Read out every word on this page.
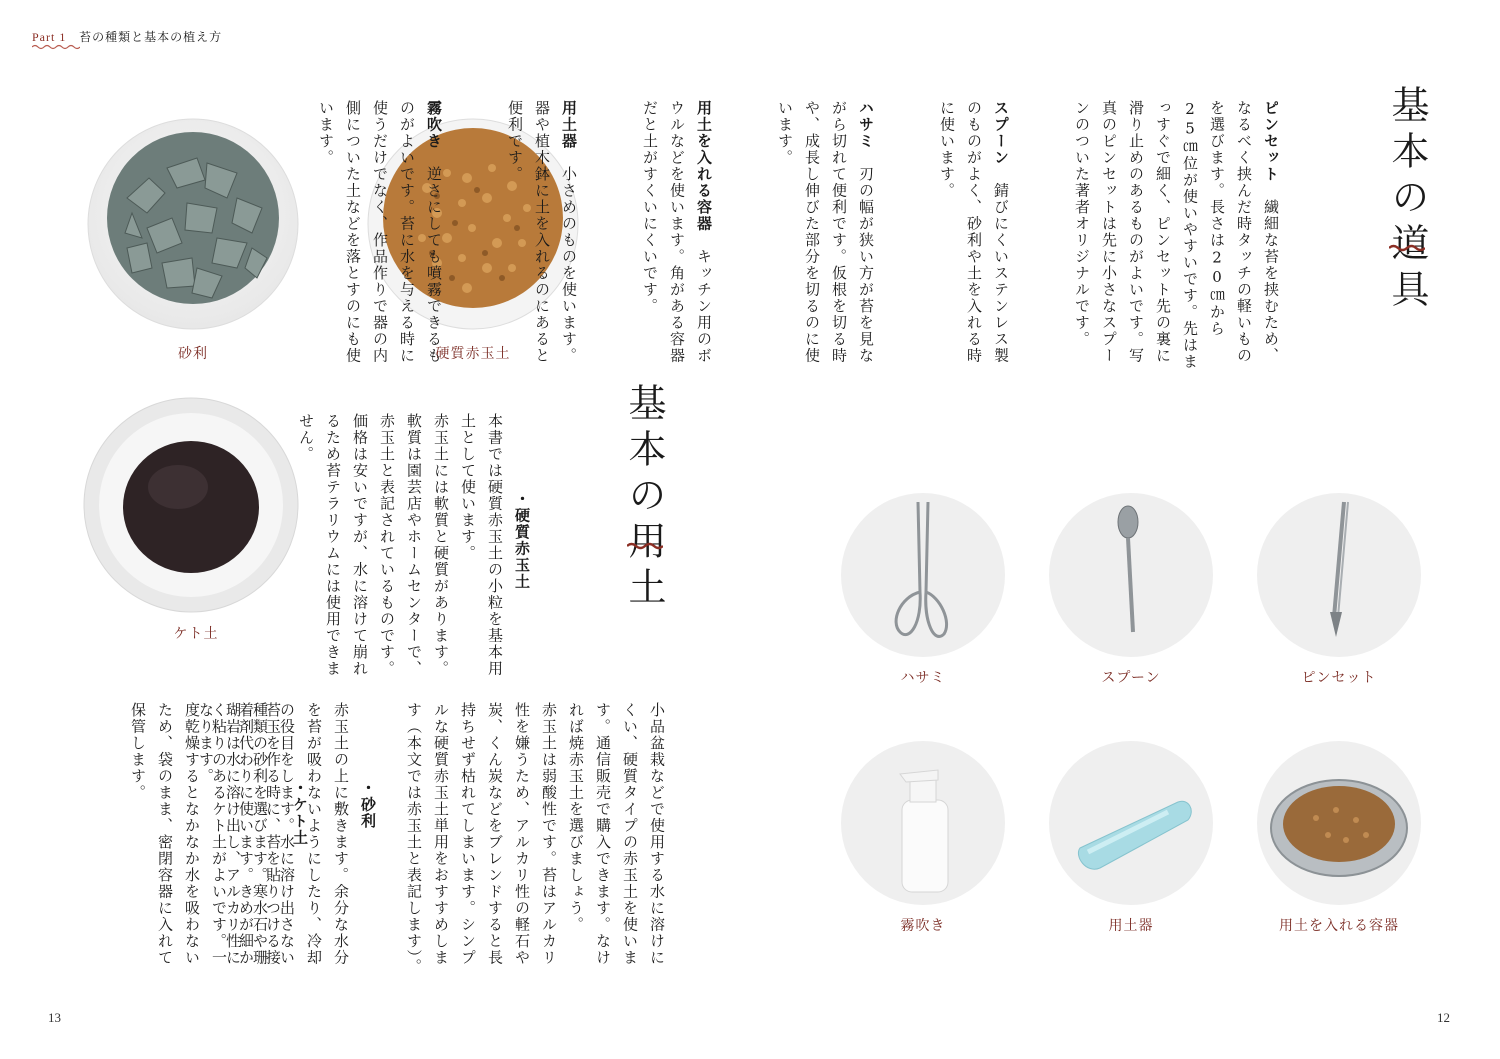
Part 1 苔の種類と基本の植え方
砂利	硬質赤玉土
ケト土
基本の用土

・硬質赤玉土
本書では硬質赤玉土の小粒を基本用土として使います。
赤玉土には軟質と硬質があります。軟質は園芸店やホームセンターで、赤玉土と表記されているものです。価格は安いですが、水に溶けて崩れるため苔テラリウムには使用できません。

小品盆栽などで使用する水に溶けにくい、硬質タイプの赤玉土を使います。通信販売で購入できます。なければ焼赤玉土を選びましょう。
赤玉土は弱酸性です。苔はアルカリ性を嫌うため、アルカリ性の軽石や炭、くん炭などをブレンドすると長持ちせず枯れてしまいます。シンプルな硬質赤玉土単用をおすすめします（本文では赤玉土と表記します）。

・砂利
赤玉土の上に敷きます。余分な水分を苔が吸わないようにしたり、冷却の役目をします。水に溶け出さない種類の砂利を選びます。寒水石や珊瑚岩は水に溶け出し、アルカリ性になります。

・ケト土
苔玉を作る時に、苔を貼りつける接着剤代わりに使います。きめが細かく粘りのあるケト土がよいです。一度乾燥するとなかなか水を吸わないため、袋のまま、密閉容器に入れて保管します。

13
基本の道具

ピンセット　繊細な苔を挟むため、なるべく挟んだ時タッチの軽いものを選びます。長さは20㎝から25㎝位が使いやすいです。先はまっすぐで細く、ピンセット先の裏に滑り止めのあるものがよいです。写真のピンセットは先に小さなスプーンのついた著者オリジナルです。

スプーン　錆びにくいステンレス製のものがよく、砂利や土を入れる時に使います。

ハサミ　刃の幅が狭い方が苔を見ながら切れて便利です。仮根を切る時や、成長し伸びた部分を切るのに使います。

用土を入れる容器　キッチン用のボウルなどを使います。角がある容器だと土がすくいにくいです。

用土器　小さめのものを使います。器や植木鉢に土を入れるのにあると便利です。

霧吹き　逆さにしても噴霧できるものがよいです。苔に水を与える時に使うだけでなく、作品作りで器の内側についた土などを落とすのにも使います。

ハサミ	スプーン	ピンセット
霧吹き	用土器	用土を入れる容器
12
